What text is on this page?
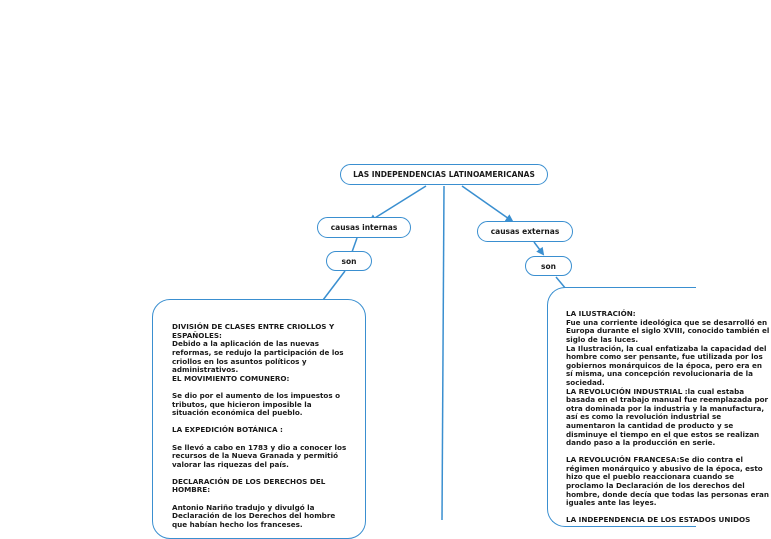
LAS INDEPENDENCIAS LATINOAMERICANAS
causas internas
son

DIVISIÓN DE CLASES ENTRE CRIOLLOS Y ESPAÑOLES:
Debido a la aplicación de las nuevas reformas, se redujo la participación de los criollos en los asuntos políticos y administrativos.
EL MOVIMIENTO COMUNERO:

Se dio por el aumento de los impuestos o tributos, que hicieron imposible la situación económica del pueblo.

LA EXPEDICIÓN BOTÁNICA :

Se llevó a cabo en 1783 y dio a conocer los recursos de la Nueva Granada y permitió valorar las riquezas del país.

DECLARACIÓN DE LOS DERECHOS DEL HOMBRE:

Antonio Nariño tradujo y divulgó la Declaración de los Derechos del hombre que habían hecho los franceses.

causas externas
son

LA ILUSTRACIÓN:
Fue una corriente ideológica que se desarrolló en Europa durante el siglo XVIII, conocido también el siglo de las luces.
La Ilustración, la cual enfatizaba la capacidad del hombre como ser pensante, fue utilizada por los gobiernos monárquicos de la época, pero era en sí misma, una concepción revolucionaria de la sociedad.
LA REVOLUCIÓN INDUSTRIAL :la cual estaba basada en el trabajo manual fue reemplazada por otra dominada por la industria y la manufactura, así es como la revolución industrial se aumentaron la cantidad de producto y se disminuye el tiempo en el que estos se realizan dando paso a la producción en serie.

LA REVOLUCIÓN FRANCESA:Se dio contra el régimen monárquico y abusivo de la época, esto hizo que el pueblo reaccionara cuando se proclamo la Declaración de los derechos del hombre, donde decía que todas las personas eran iguales ante las leyes.

LA INDEPENDENCIA DE LOS ESTADOS UNIDOS
